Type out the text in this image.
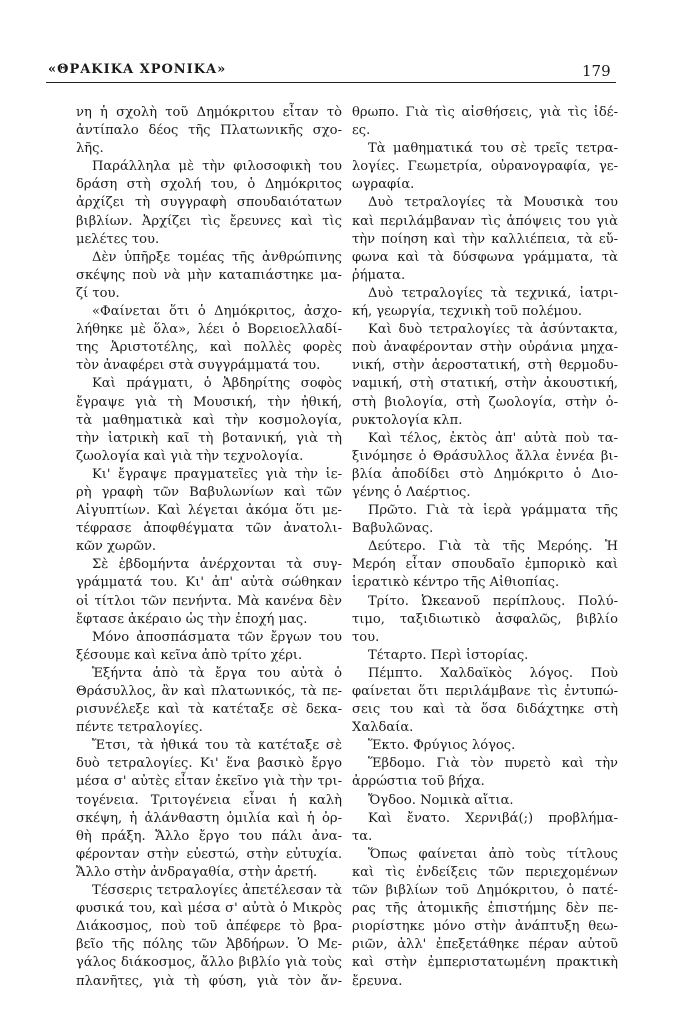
«ΘΡΑΚΙΚΑ ΧΡΟΝΙΚΑ»	179
νη ἡ σχολὴ τοῦ Δημόκριτου εἶταν τὸ
ἀντίπαλο δέος τῆς Πλατωνικῆς σχο-
λῆς.
Παράλληλα μὲ τὴν φιλοσοφικὴ του
δράση στὴ σχολή του, ὁ Δημόκριτος
ἀρχίζει τὴ συγγραφὴ σπουδαιότατων
βιβλίων. Ἀρχίζει τὶς ἔρευνες καὶ τὶς
μελέτες του.
Δὲν ὑπῆρξε τομέας τῆς ἀνθρώπινης
σκέψης ποὺ νὰ μὴν καταπιάστηκε μα-
ζί του.
«Φαίνεται ὅτι ὁ Δημόκριτος, ἀσχο-
λήθηκε μὲ ὅλα», λέει ὁ Βορειοελλαδί-
της Ἀριστοτέλης, καὶ πολλὲς φορὲς
τὸν ἀναφέρει στὰ συγγράμματά του.
Καὶ πράγματι, ὁ Ἀβδηρίτης σοφὸς
ἔγραψε γιὰ τὴ Μουσική, τὴν ἠθική,
τὰ μαθηματικὰ καὶ τὴν κοσμολογία,
τὴν ἰατρικὴ καῖ τὴ βοτανική, γιὰ τὴ
ζωολογία καὶ γιὰ τὴν τεχνολογία.
Κι' ἔγραψε πραγματεῖες γιὰ τὴν ἱε-
ρὴ γραφὴ τῶν Βαβυλωνίων καὶ τῶν
Αἰγυπτίων. Καὶ λέγεται ἀκόμα ὅτι με-
τέφρασε ἀποφθέγματα τῶν ἀνατολι-
κῶν χωρῶν.
Σὲ ἑβδομήντα ἀνέρχονται τὰ συγ-
γράμματά του. Κι' ἀπ' αὐτὰ σώθηκαν
οἱ τίτλοι τῶν πενήντα. Μὰ κανένα δὲν
ἔφτασε ἀκέραιο ὡς τὴν ἐποχή μας.
Μόνο ἀποσπάσματα τῶν ἔργων του
ξέσουμε καὶ κεῖνα ἀπὸ τρίτο χέρι.
Ἑξήντα ἀπὸ τὰ ἔργα του αὐτὰ ὁ
Θράσυλλος, ἂν καὶ πλατωνικός, τὰ πε-
ρισυνέλεξε καὶ τὰ κατέταξε σὲ δεκα-
πέντε τετραλογίες.
Ἔτσι, τὰ ἠθικά του τὰ κατέταξε σὲ
δυὸ τετραλογίες. Κι' ἕνα βασικὸ ἔργο
μέσα σ' αὐτὲς εἶταν ἐκεῖνο γιὰ τὴν τρι-
τογένεια. Τριτογένεια εἶναι ἡ καλὴ
σκέψη, ἡ ἀλάνθαστη ὁμιλία καὶ ἡ ὀρ-
θὴ πράξη. Ἄλλο ἔργο του πάλι ἀνα-
φέρονταν στὴν εὐεστώ, στὴν εὐτυχία.
Ἄλλο στὴν ἀνδραγαθία, στὴν ἀρετή.
Τέσσερις τετραλογίες ἀπετέλεσαν τὰ
φυσικά του, καὶ μέσα σ' αὐτὰ ὁ Μικρὸς
Διάκοσμος, ποὺ τοῦ ἀπέφερε τὸ βρα-
βεῖο τῆς πόλης τῶν Ἀβδήρων. Ὁ Με-
γάλος διάκοσμος, ἄλλο βιβλίο γιὰ τοὺς
πλανῆτες, γιὰ τὴ φύση, γιὰ τὸν ἄν-
θρωπο. Γιὰ τὶς αἰσθήσεις, γιὰ τὶς ἰδέ-
ες.
Τὰ μαθηματικά του σὲ τρεῖς τετρα-
λογίες. Γεωμετρία, οὐρανογραφία, γε-
ωγραφία.
Δυὸ τετραλογίες τὰ Μουσικὰ του
καὶ περιλάμβαναν τὶς ἀπόψεις του γιὰ
τὴν ποίηση καὶ τὴν καλλιέπεια, τὰ εὔ-
φωνα καὶ τὰ δύσφωνα γράμματα, τὰ
ῥήματα.
Δυὸ τετραλογίες τὰ τεχνικά, ἰατρι-
κή, γεωργία, τεχνικὴ τοῦ πολέμου.
Καὶ δυὸ τετραλογίες τὰ ἀσύντακτα,
ποὺ ἀναφέρονταν στὴν οὐράνια μηχα-
νική, στὴν ἀεροστατική, στὴ θερμοδυ-
ναμική, στὴ στατική, στὴν ἀκουστική,
στὴ βιολογία, στὴ ζωολογία, στὴν ὀ-
ρυκτολογία κλπ.
Καὶ τέλος, ἐκτὸς ἀπ' αὐτὰ ποὺ τα-
ξινόμησε ὁ Θράσυλλος ἄλλα ἐννέα βι-
βλία ἀποδίδει στὸ Δημόκριτο ὁ Διο-
γένης ὁ Λαέρτιος.
Πρῶτο. Γιὰ τὰ ἱερὰ γράμματα τῆς
Βαβυλῶνας.
Δεύτερο. Γιὰ τὰ τῆς Μερόης. Ἡ
Μερόη εἶταν σπουδαῖο ἐμπορικὸ καὶ
ἱερατικὸ κέντρο τῆς Αἰθιοπίας.
Τρίτο. Ὠκεανοῦ περίπλους. Πολύ-
τιμο, ταξιδιωτικὸ ἀσφαλῶς, βιβλίο
του.
Τέταρτο. Περὶ ἱστορίας.
Πέμπτο. Χαλδαϊκὸς λόγος. Ποὺ
φαίνεται ὅτι περιλάμβανε τὶς ἐντυπώ-
σεις του καὶ τὰ ὅσα διδάχτηκε στὴ
Χαλδαία.
Ἕκτο. Φρύγιος λόγος.
Ἕβδομο. Γιὰ τὸν πυρετὸ καὶ τὴν
ἀρρώστια τοῦ βήχα.
Ὄγδοο. Νομικὰ αἴτια.
Καὶ ἔνατο. Χερνιβά(;) προβλήμα-
τα.
Ὅπως φαίνεται ἀπὸ τοὺς τίτλους
καὶ τὶς ἐνδείξεις τῶν περιεχομένων
τῶν βιβλίων τοῦ Δημόκριτου, ὁ πατέ-
ρας τῆς ἀτομικῆς ἐπιστήμης δὲν πε-
ριορίστηκε μόνο στὴν ἀνάπτυξη θεω-
ριῶν, ἀλλ' ἐπεξετάθηκε πέραν αὐτοῦ
καὶ στὴν ἐμπεριστατωμένη πρακτικὴ
ἔρευνα.
